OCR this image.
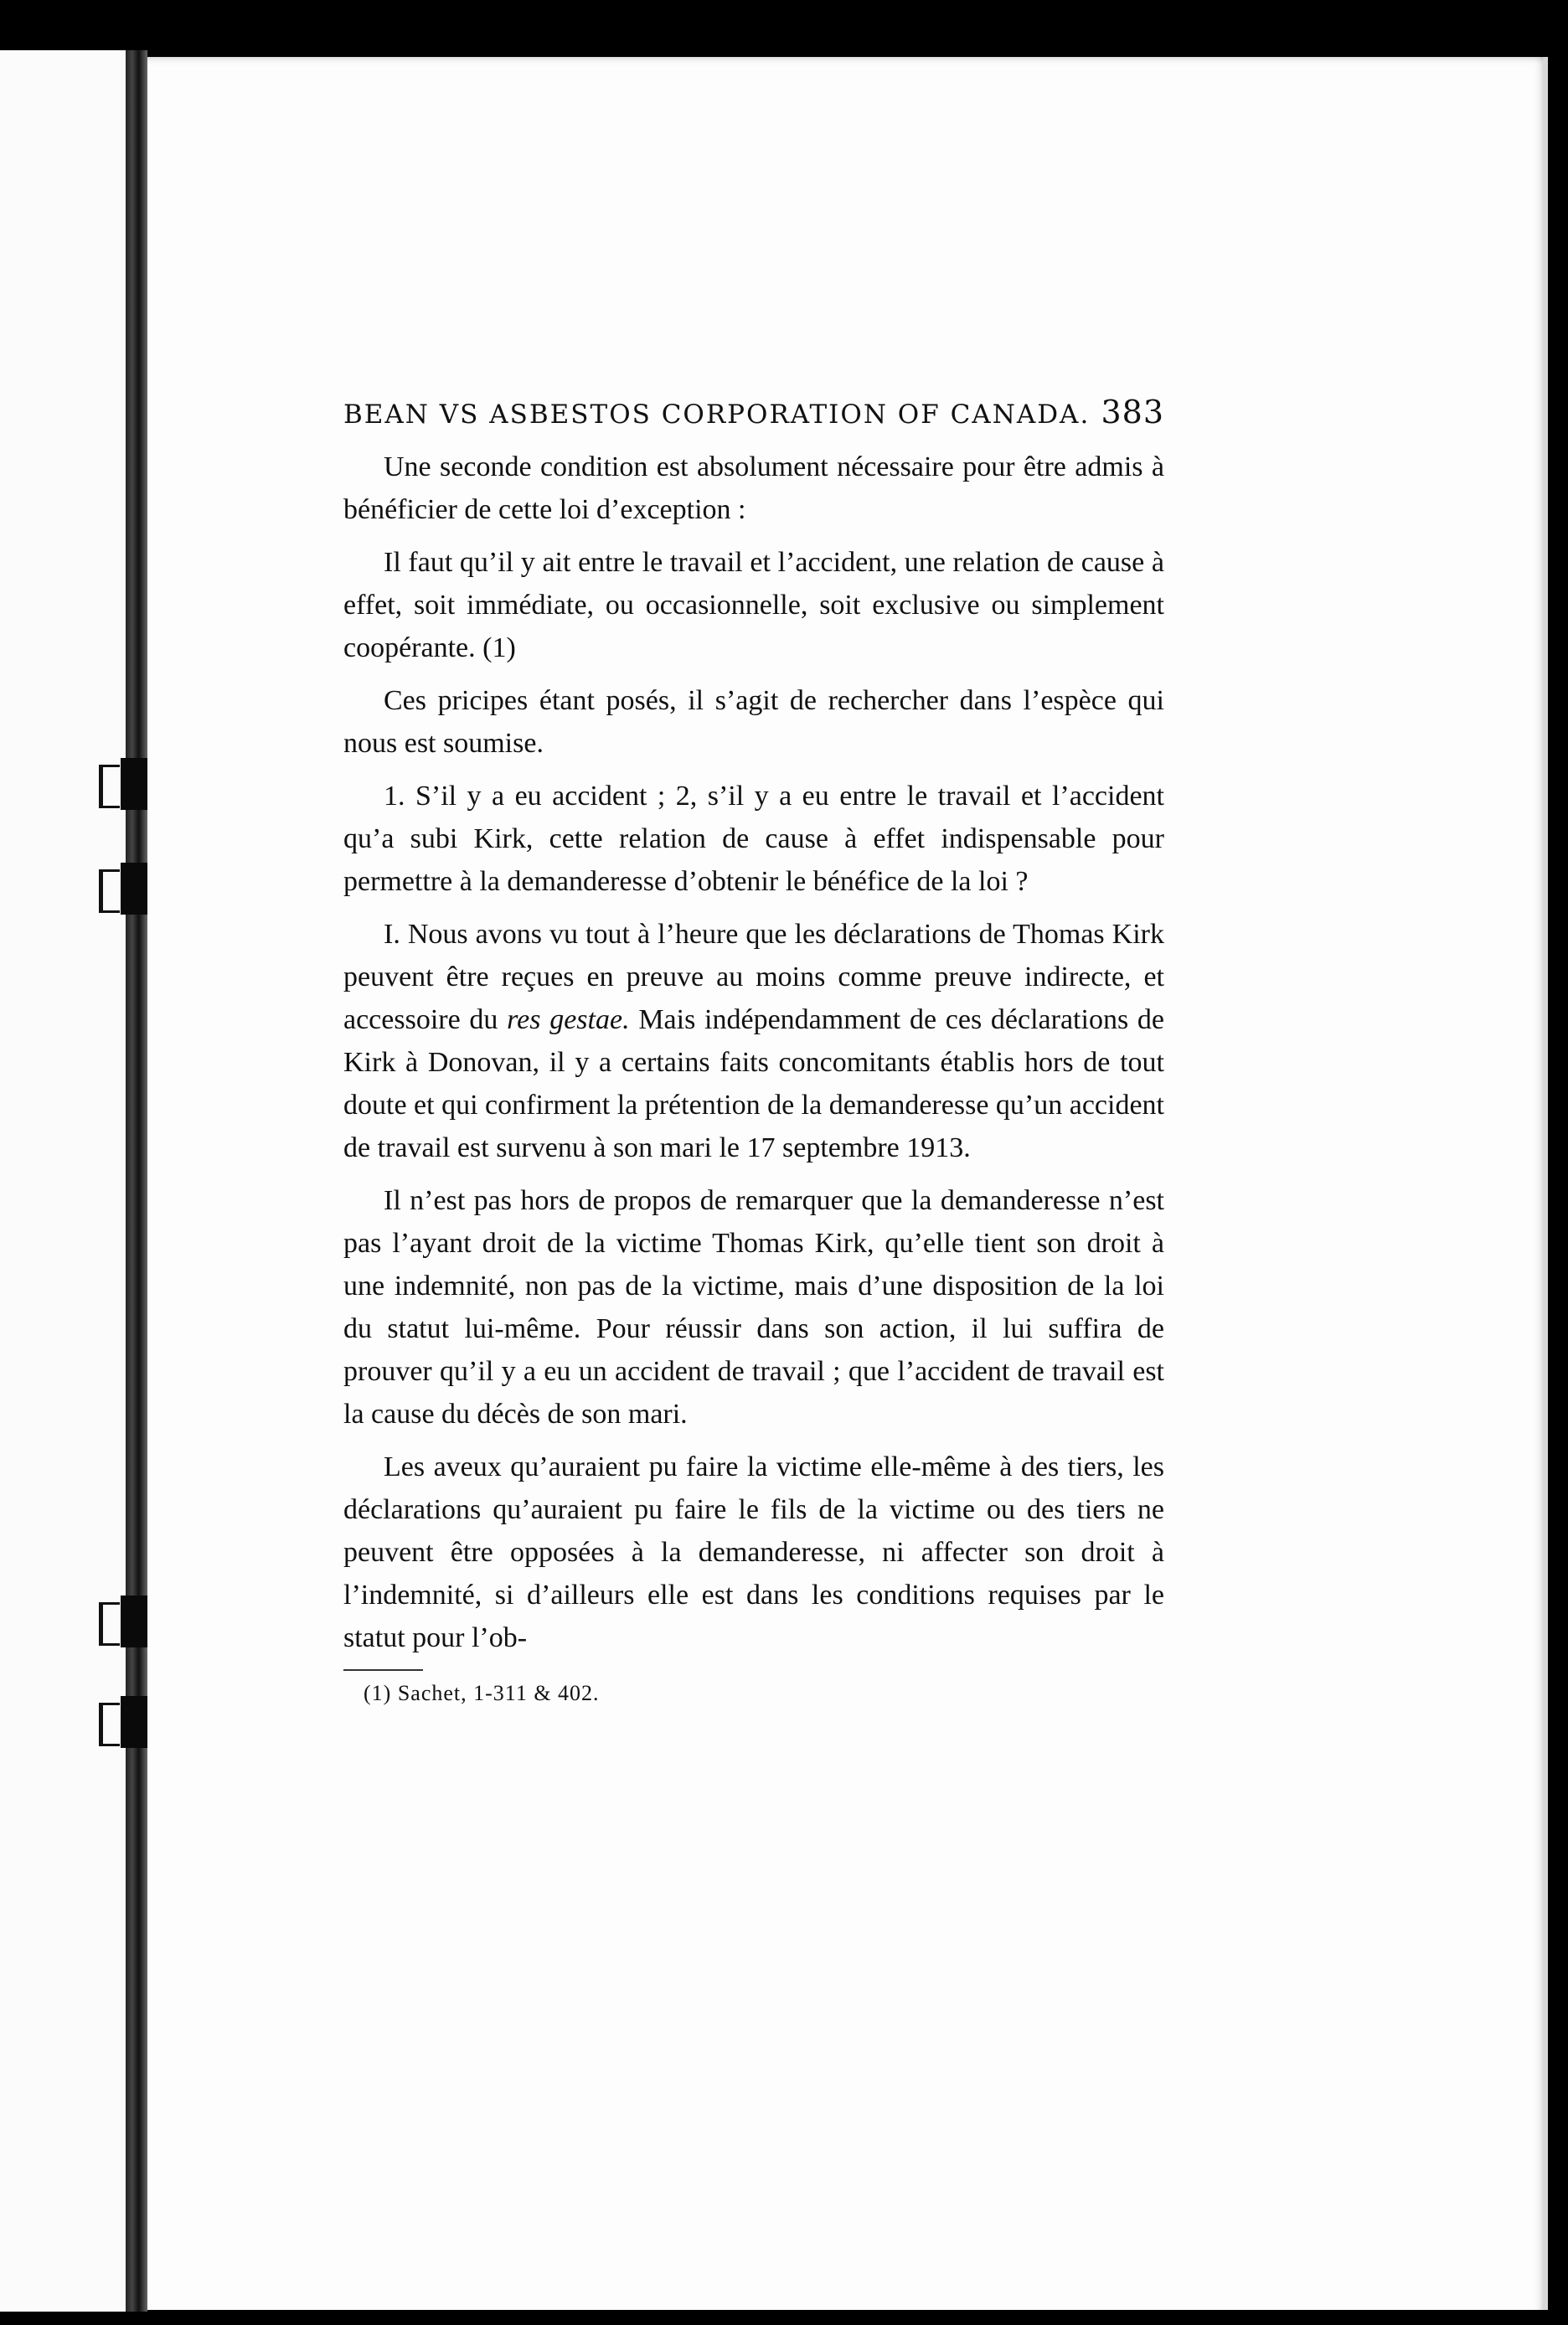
BEAN VS ASBESTOS CORPORATION OF CANADA. 383

Une seconde condition est absolument nécessaire pour être admis à bénéficier de cette loi d’exception :

Il faut qu’il y ait entre le travail et l’accident, une relation de cause à effet, soit immédiate, ou occasionnelle, soit exclusive ou simplement coopérante. (1)

Ces pricipes étant posés, il s’agit de rechercher dans l’espèce qui nous est soumise.

1. S’il y a eu accident ; 2, s’il y a eu entre le travail et l’accident qu’a subi Kirk, cette relation de cause à effet indispensable pour permettre à la demanderesse d’obtenir le bénéfice de la loi ?

I. Nous avons vu tout à l’heure que les déclarations de Thomas Kirk peuvent être reçues en preuve au moins comme preuve indirecte, et accessoire du res gestae. Mais indépendamment de ces déclarations de Kirk à Donovan, il y a certains faits concomitants établis hors de tout doute et qui confirment la prétention de la demanderesse qu’un accident de travail est survenu à son mari le 17 septembre 1913.

Il n’est pas hors de propos de remarquer que la demanderesse n’est pas l’ayant droit de la victime Thomas Kirk, qu’elle tient son droit à une indemnité, non pas de la victime, mais d’une disposition de la loi du statut lui-même. Pour réussir dans son action, il lui suffira de prouver qu’il y a eu un accident de travail ; que l’accident de travail est la cause du décès de son mari.

Les aveux qu’auraient pu faire la victime elle-même à des tiers, les déclarations qu’auraient pu faire le fils de la victime ou des tiers ne peuvent être opposées à la demanderesse, ni affecter son droit à l’indemnité, si d’ailleurs elle est dans les conditions requises par le statut pour l’ob-

(1) Sachet, 1-311 & 402.
